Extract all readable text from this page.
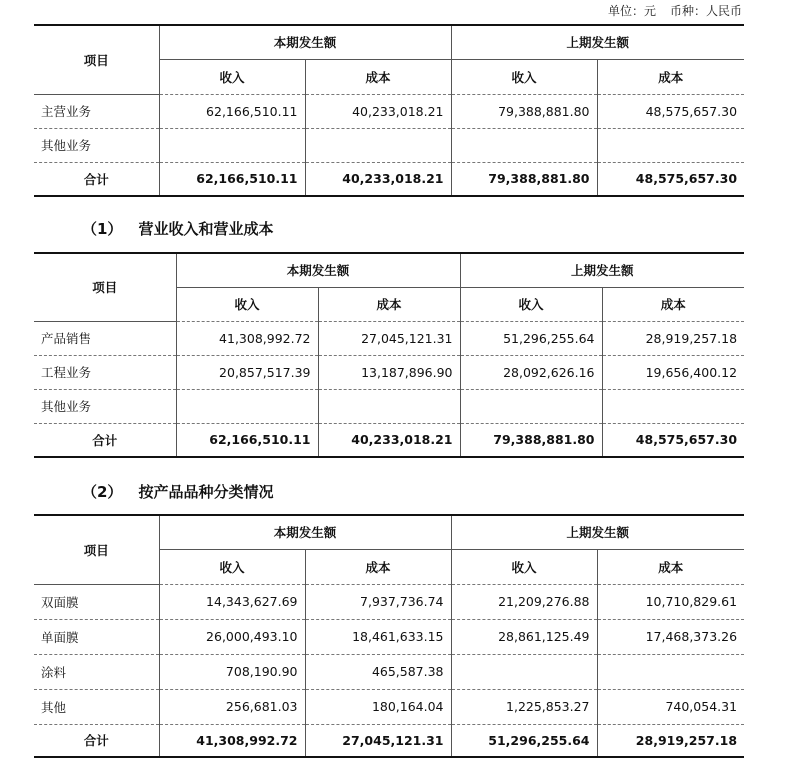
单位：元 币种：人民币
项目	本期发生额		上期发生额	
	收入	成本	收入	成本
主营业务	62,166,510.11	40,233,018.21	79,388,881.80	48,575,657.30
其他业务				
合计	62,166,510.11	40,233,018.21	79,388,881.80	48,575,657.30
（1） 营业收入和营业成本
项目	本期发生额		上期发生额	
	收入	成本	收入	成本
产品销售	41,308,992.72	27,045,121.31	51,296,255.64	28,919,257.18
工程业务	20,857,517.39	13,187,896.90	28,092,626.16	19,656,400.12
其他业务				
合计	62,166,510.11	40,233,018.21	79,388,881.80	48,575,657.30
（2） 按产品品种分类情况
项目	本期发生额		上期发生额	
	收入	成本	收入	成本
双面膜	14,343,627.69	7,937,736.74	21,209,276.88	10,710,829.61
单面膜	26,000,493.10	18,461,633.15	28,861,125.49	17,468,373.26
涂料	708,190.90	465,587.38		
其他	256,681.03	180,164.04	1,225,853.27	740,054.31
合计	41,308,992.72	27,045,121.31	51,296,255.64	28,919,257.18
